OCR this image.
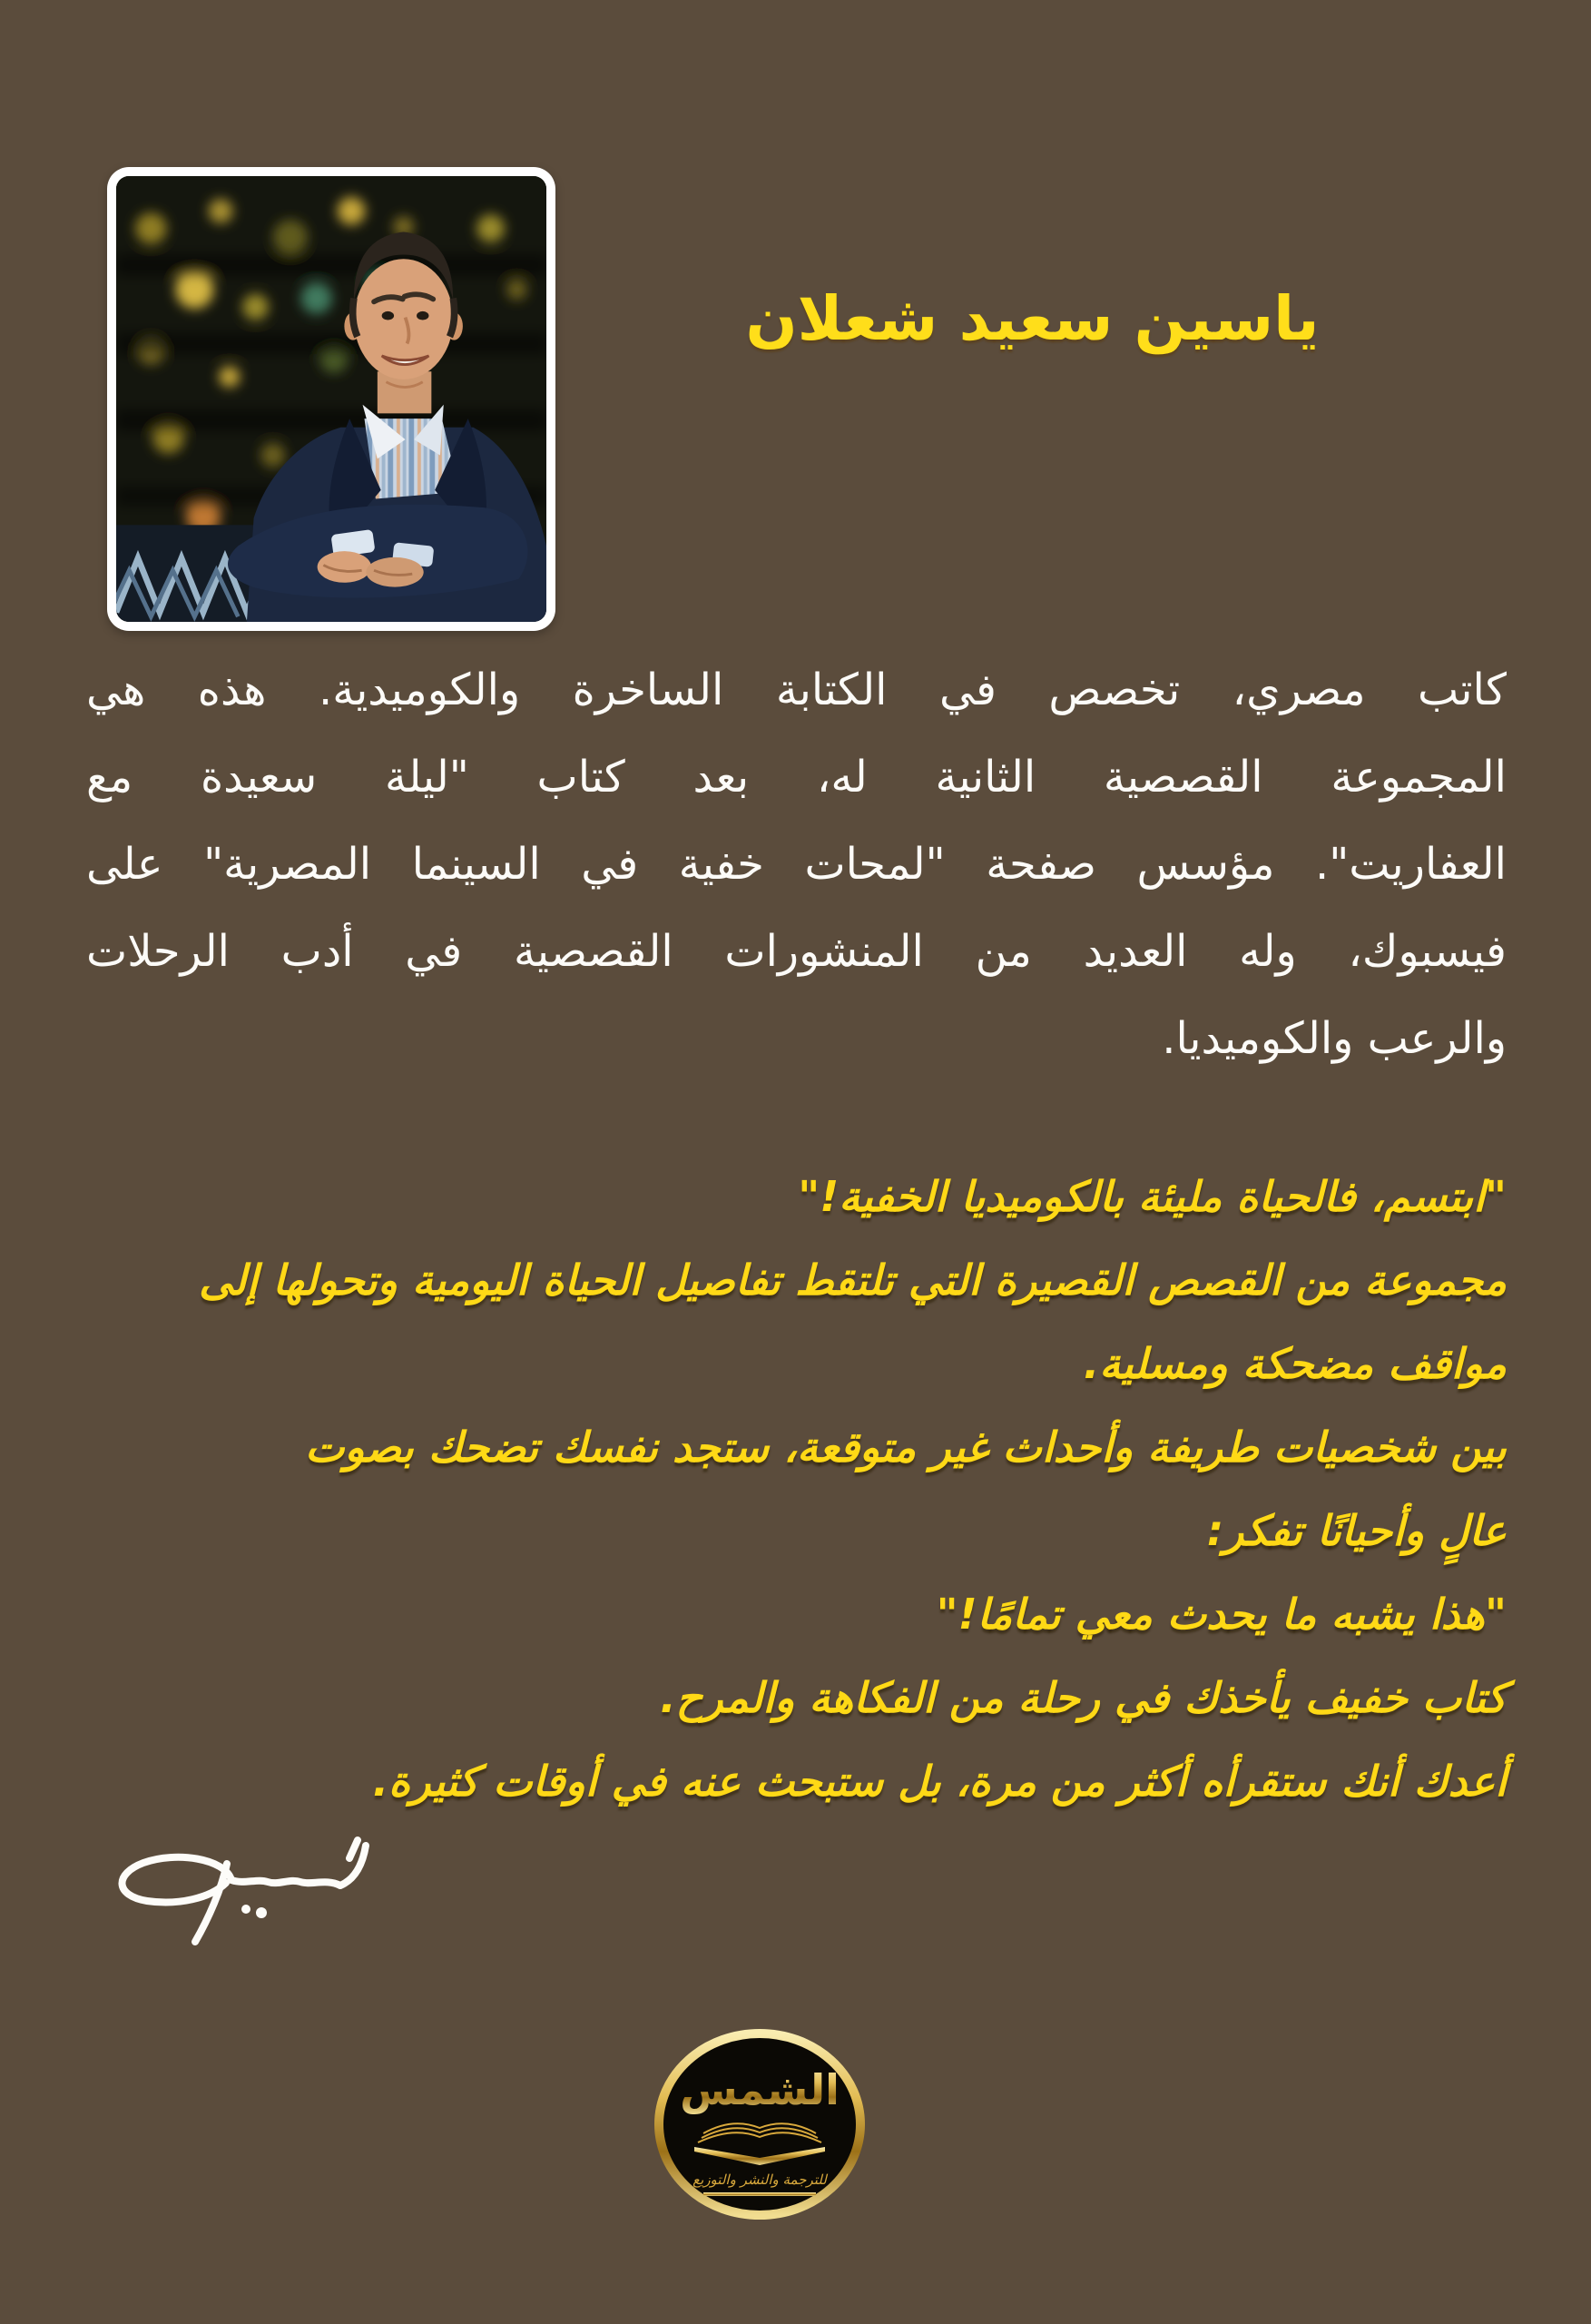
ياسين سعيد شعلان
كاتب مصري، تخصص في الكتابة الساخرة والكوميدية. هذه هي
المجموعة القصصية الثانية له، بعد كتاب "ليلة سعيدة مع
العفاريت". مؤسس صفحة "لمحات خفية في السينما المصرية" على
فيسبوك، وله العديد من المنشورات القصصية في أدب الرحلات
والرعب والكوميديا.
"ابتسم، فالحياة مليئة بالكوميديا الخفية!"
مجموعة من القصص القصيرة التي تلتقط تفاصيل الحياة اليومية وتحولها إلى
مواقف مضحكة ومسلية.
بين شخصيات طريفة وأحداث غير متوقعة، ستجد نفسك تضحك بصوت
عالٍ وأحيانًا تفكر:
"هذا يشبه ما يحدث معي تمامًا!"
كتاب خفيف يأخذك في رحلة من الفكاهة والمرح.
أعدك أنك ستقرأه أكثر من مرة، بل ستبحث عنه في أوقات كثيرة.
الشمس
للترجمة والنشر والتوزيع
